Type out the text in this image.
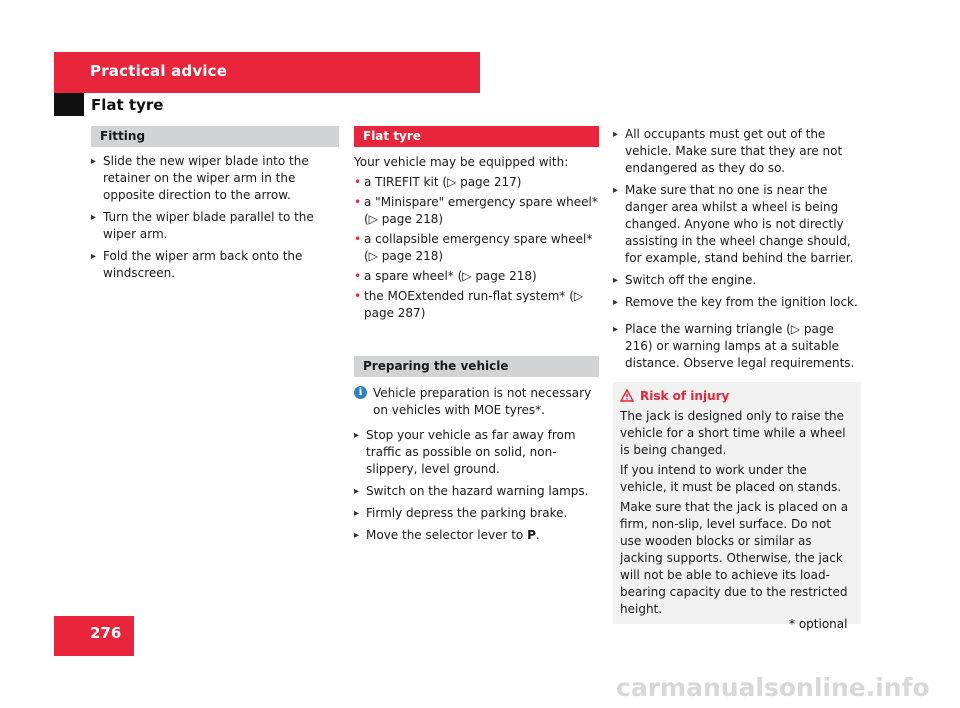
Practical advice
Flat tyre
Fitting
▸ Slide the new wiper blade into the retainer on the wiper arm in the opposite direction to the arrow.
▸ Turn the wiper blade parallel to the wiper arm.
▸ Fold the wiper arm back onto the windscreen.
Flat tyre
Your vehicle may be equipped with:
• a TIREFIT kit (▷ page 217)
• a "Minispare" emergency spare wheel* (▷ page 218)
• a collapsible emergency spare wheel* (▷ page 218)
• a spare wheel* (▷ page 218)
• the MOExtended run-flat system* (▷ page 287)
Preparing the vehicle
i Vehicle preparation is not necessary on vehicles with MOE tyres*.
▸ Stop your vehicle as far away from traffic as possible on solid, non-slippery, level ground.
▸ Switch on the hazard warning lamps.
▸ Firmly depress the parking brake.
▸ Move the selector lever to P.
▸ All occupants must get out of the vehicle. Make sure that they are not endangered as they do so.
▸ Make sure that no one is near the danger area whilst a wheel is being changed. Anyone who is not directly assisting in the wheel change should, for example, stand behind the barrier.
▸ Switch off the engine.
▸ Remove the key from the ignition lock.
▸ Place the warning triangle (▷ page 216) or warning lamps at a suitable distance. Observe legal requirements.
Risk of injury

The jack is designed only to raise the vehicle for a short time while a wheel is being changed.

If you intend to work under the vehicle, it must be placed on stands.

Make sure that the jack is placed on a firm, non-slip, level surface. Do not use wooden blocks or similar as jacking supports. Otherwise, the jack will not be able to achieve its load-bearing capacity due to the restricted height.

276	* optional
carmanualsonline.info
